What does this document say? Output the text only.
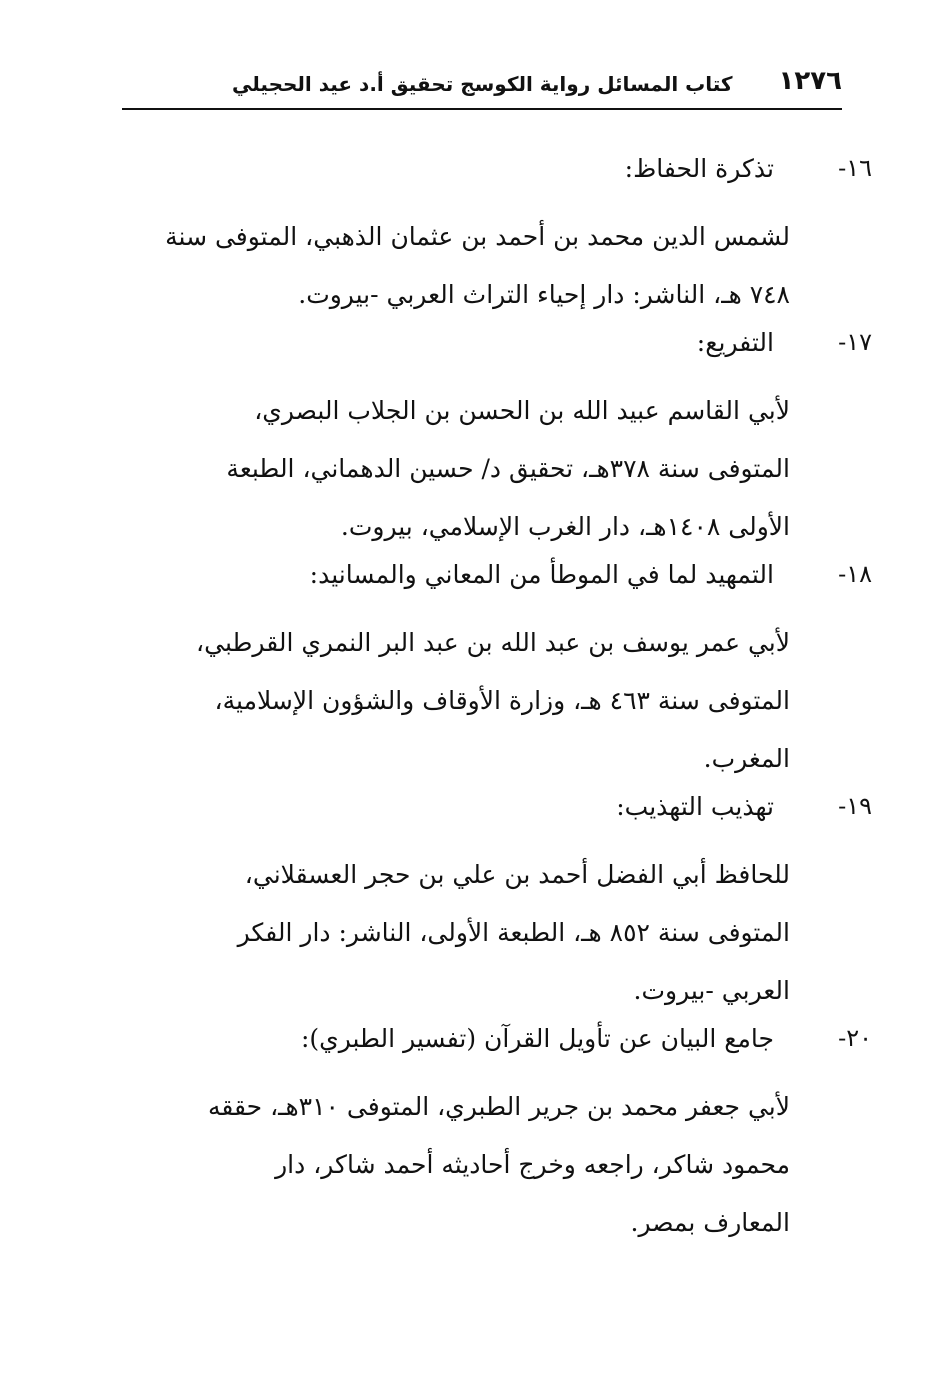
١٢٧٦
كتاب المسائل رواية الكوسج تحقيق أ.د عيد الحجيلي
١٦-
تذكرة الحفاظ:

لشمس الدين محمد بن أحمد بن عثمان الذهبي، المتوفى سنة

٧٤٨ هـ، الناشر: دار إحياء التراث العربي -بيروت.

١٧-
التفريع:

لأبي القاسم عبيد الله بن الحسن بن الجلاب البصري،

المتوفى سنة ٣٧٨هـ، تحقيق د/ حسين الدهماني، الطبعة

الأولى ١٤٠٨هـ، دار الغرب الإسلامي، بيروت.

١٨-
التمهيد لما في الموطأ من المعاني والمسانيد:

لأبي عمر يوسف بن عبد الله بن عبد البر النمري القرطبي،

المتوفى سنة ٤٦٣ هـ، وزارة الأوقاف والشؤون الإسلامية،

المغرب.

١٩-
تهذيب التهذيب:

للحافظ أبي الفضل أحمد بن علي بن حجر العسقلاني،

المتوفى سنة ٨٥٢ هـ، الطبعة الأولى، الناشر: دار الفكر

العربي -بيروت.

٢٠-
جامع البيان عن تأويل القرآن (تفسير الطبري):

لأبي جعفر محمد بن جرير الطبري، المتوفى ٣١٠هـ، حققه

محمود شاكر، راجعه وخرج أحاديثه أحمد شاكر، دار

المعارف بمصر.
